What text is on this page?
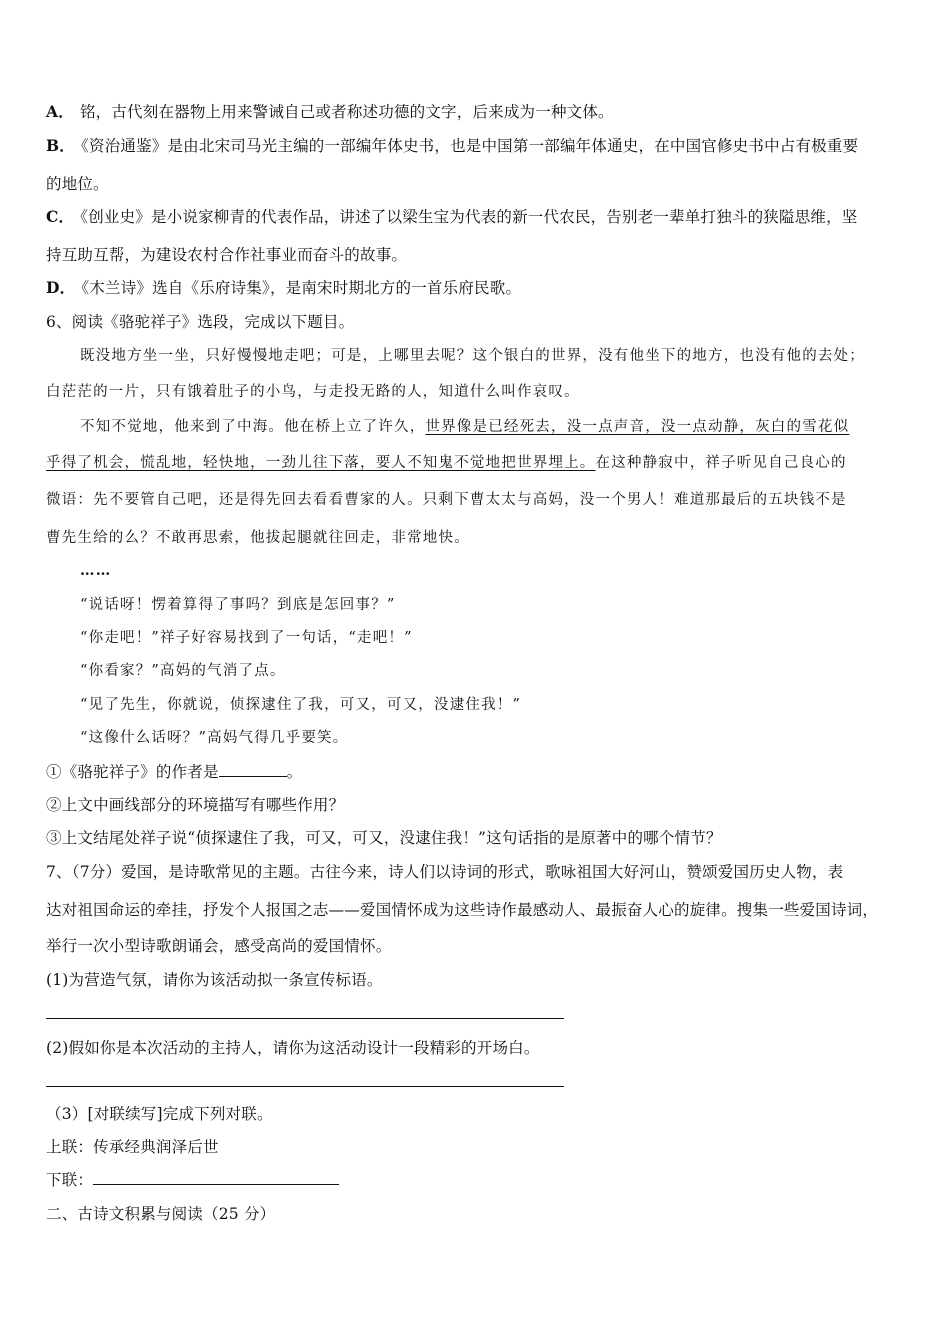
A． 铭，古代刻在器物上用来警诫自己或者称述功德的文字，后来成为一种文体。
B． 《资治通鉴》是由北宋司马光主编的一部编年体史书，也是中国第一部编年体通史，在中国官修史书中占有极重要
的地位。
C． 《创业史》是小说家柳青的代表作品，讲述了以梁生宝为代表的新一代农民，告别老一辈单打独斗的狭隘思维，坚
持互助互帮，为建设农村合作社事业而奋斗的故事。
D． 《木兰诗》选自《乐府诗集》，是南宋时期北方的一首乐府民歌。
6、阅读《骆驼祥子》选段，完成以下题目。
既没地方坐一坐，只好慢慢地走吧；可是，上哪里去呢？这个银白的世界，没有他坐下的地方，也没有他的去处；
白茫茫的一片，只有饿着肚子的小鸟，与走投无路的人，知道什么叫作哀叹。
不知不觉地，他来到了中海。他在桥上立了许久，世界像是已经死去，没一点声音，没一点动静，灰白的雪花似
乎得了机会，慌乱地，轻快地，一劲儿往下落，要人不知鬼不觉地把世界埋上。在这种静寂中，祥子听见自己良心的
微语：先不要管自己吧，还是得先回去看看曹家的人。只剩下曹太太与高妈，没一个男人！难道那最后的五块钱不是
曹先生给的么？不敢再思索，他拔起腿就往回走，非常地快。
……
“说话呀！愣着算得了事吗？到底是怎回事？”
“你走吧！”祥子好容易找到了一句话，“走吧！”
“你看家？”高妈的气消了点。
“见了先生，你就说，侦探逮住了我，可又，可又，没逮住我！”
“这像什么话呀？”高妈气得几乎要笑。
①《骆驼祥子》的作者是	。
②上文中画线部分的环境描写有哪些作用？
③上文结尾处祥子说“侦探逮住了我，可又，可又，没逮住我！”这句话指的是原著中的哪个情节？
7、（7分）爱国，是诗歌常见的主题。古往今来，诗人们以诗词的形式，歌咏祖国大好河山，赞颂爱国历史人物，表
达对祖国命运的牵挂，抒发个人报国之志——爱国情怀成为这些诗作最感动人、最振奋人心的旋律。搜集一些爱国诗词，
举行一次小型诗歌朗诵会，感受高尚的爱国情怀。
(1)为营造气氛，请你为该活动拟一条宣传标语。
(2)假如你是本次活动的主持人，请你为这活动设计一段精彩的开场白。
（3）[对联续写]完成下列对联。
上联：传承经典润泽后世
下联：
二、古诗文积累与阅读（25 分）
